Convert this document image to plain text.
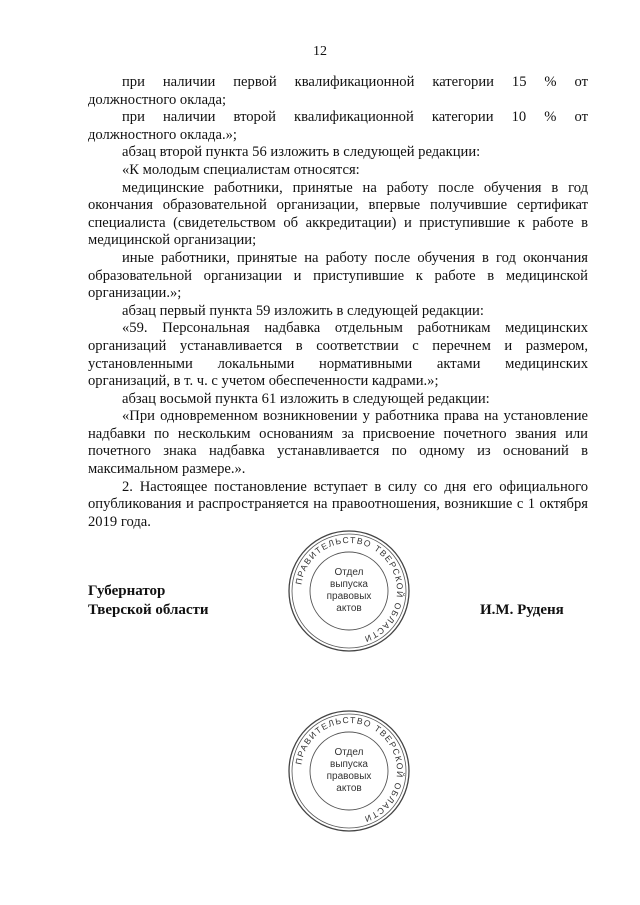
12

при наличии первой квалификационной категории 15 % от

должностного оклада;

при наличии второй квалификационной категории 10 % от

должностного оклада.»;

абзац второй пункта 56 изложить в следующей редакции:

«К молодым специалистам относятся:

медицинские работники, принятые на работу после обучения в год окончания образовательной организации, впервые получившие сертификат специалиста (свидетельством об аккредитации) и приступившие к работе в медицинской организации;

иные работники, принятые на работу после обучения в год окончания образовательной организации и приступившие к работе в медицинской организации.»;

абзац первый пункта 59 изложить в следующей редакции:

«59. Персональная надбавка отдельным работникам медицинских организаций устанавливается в соответствии с перечнем и размером, установленными локальными нормативными актами медицинских организаций, в т. ч. с учетом обеспеченности кадрами.»;

абзац восьмой пункта 61 изложить в следующей редакции:

«При одновременном возникновении у работника права на установление надбавки по нескольким основаниям за присвоение почетного звания или почетного знака надбавка устанавливается по одному из оснований в максимальном размере.».

2. Настоящее постановление вступает в силу со дня его официального опубликования и распространяется на правоотношения, возникшие с 1 октября 2019 года.

Губернатор
Тверской области	И.М. Руденя
ПРАВИТЕЛЬСТВО ТВЕРСКОЙ ОБЛАСТИ
Отдел
выпуска
правовых
актов
ПРАВИТЕЛЬСТВО ТВЕРСКОЙ ОБЛАСТИ
Отдел
выпуска
правовых
актов
